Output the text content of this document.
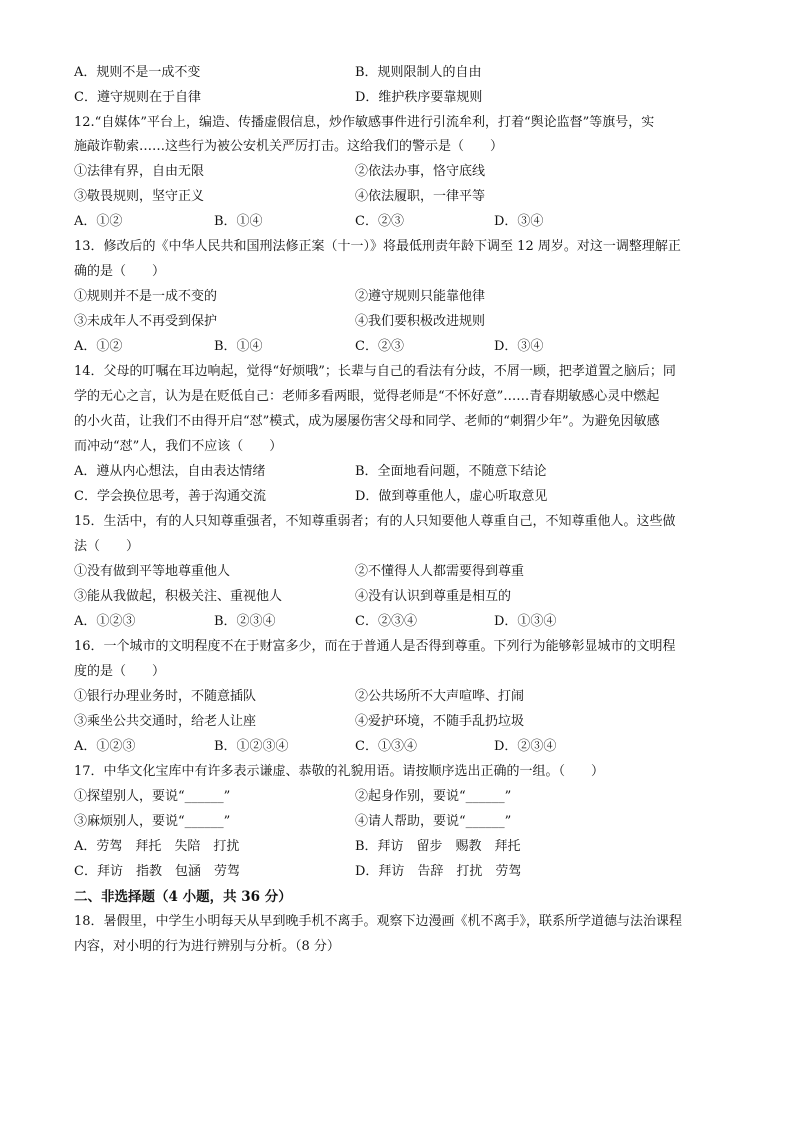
A．规则不是一成不变	B．规则限制人的自由
C．遵守规则在于自律	D．维护秩序要靠规则
12.“自媒体”平台上，编造、传播虚假信息，炒作敏感事件进行引流牟利，打着“舆论监督”等旗号，实
施敲诈勒索……这些行为被公安机关严厉打击。这给我们的警示是（　　）
①法律有界，自由无限	②依法办事，恪守底线
③敬畏规则，坚守正义	④依法履职，一律平等
A．①②	B．①④	C．②③	D．③④
13．修改后的《中华人民共和国刑法修正案（十一）》将最低刑责年龄下调至 12 周岁。对这一调整理解正
确的是（　　）
①规则并不是一成不变的	②遵守规则只能靠他律
③未成年人不再受到保护	④我们要积极改进规则
A．①②	B．①④	C．②③	D．③④
14．父母的叮嘱在耳边响起，觉得“好烦哦”；长辈与自己的看法有分歧，不屑一顾，把孝道置之脑后；同
学的无心之言，认为是在贬低自己：老师多看两眼，觉得老师是“不怀好意”……青春期敏感心灵中燃起
的小火苗，让我们不由得开启“怼”模式，成为屡屡伤害父母和同学、老师的“刺猬少年”。为避免因敏感
而冲动“怼”人，我们不应该（　　）
A．遵从内心想法，自由表达情绪	B．全面地看问题，不随意下结论
C．学会换位思考，善于沟通交流	D．做到尊重他人，虚心听取意见
15．生活中，有的人只知尊重强者，不知尊重弱者；有的人只知要他人尊重自己，不知尊重他人。这些做
法（　　）
①没有做到平等地尊重他人	②不懂得人人都需要得到尊重
③能从我做起，积极关注、重视他人	④没有认识到尊重是相互的
A．①②③	B．②③④	C．②③④	D．①③④
16．一个城市的文明程度不在于财富多少，而在于普通人是否得到尊重。下列行为能够彰显城市的文明程
度的是（　　）
①银行办理业务时，不随意插队	②公共场所不大声喧哗、打闹
③乘坐公共交通时，给老人让座	④爱护环境，不随手乱扔垃圾
A．①②③	B．①②③④	C．①③④	D．②③④
17．中华文化宝库中有许多表示谦虚、恭敬的礼貌用语。请按顺序选出正确的一组。（　　）
①探望别人，要说“______”	②起身作别，要说“______”
③麻烦别人，要说“______”	④请人帮助，要说“______”
A．劳驾　拜托　失陪　打扰	B．拜访　留步　赐教　拜托
C．拜访　指教　包涵　劳驾	D．拜访　告辞　打扰　劳驾
二、非选择题（4 小题，共 36 分）
18．暑假里，中学生小明每天从早到晚手机不离手。观察下边漫画《机不离手》，联系所学道德与法治课程
内容，对小明的行为进行辨别与分析。（8 分）
